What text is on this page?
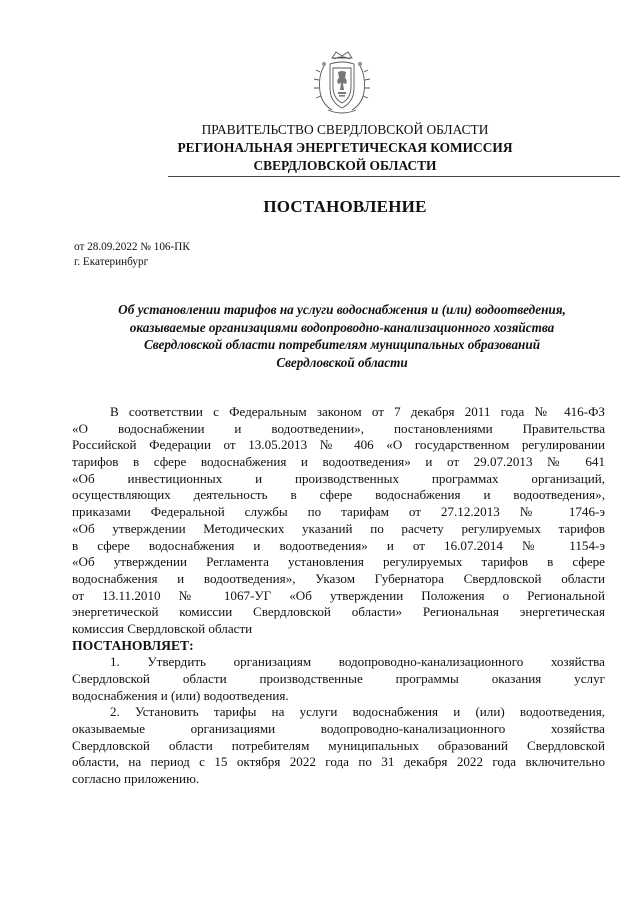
ПРАВИТЕЛЬСТВО СВЕРДЛОВСКОЙ ОБЛАСТИ
РЕГИОНАЛЬНАЯ ЭНЕРГЕТИЧЕСКАЯ КОМИССИЯ
СВЕРДЛОВСКОЙ ОБЛАСТИ
ПОСТАНОВЛЕНИЕ
от 28.09.2022 № 106-ПК
г. Екатеринбург
Об установлении тарифов на услуги водоснабжения и (или) водоотведения,
оказываемые организациями водопроводно-канализационного хозяйства
Свердловской области потребителям муниципальных образований
Свердловской области
В соответствии с Федеральным законом от 7 декабря 2011 года № 416-ФЗ
«О водоснабжении и водоотведении», постановлениями Правительства
Российской Федерации от 13.05.2013 № 406 «О государственном регулировании
тарифов в сфере водоснабжения и водоотведения» и от 29.07.2013 № 641
«Об инвестиционных и производственных программах организаций,
осуществляющих деятельность в сфере водоснабжения и водоотведения»,
приказами Федеральной службы по тарифам от 27.12.2013 № 1746-э
«Об утверждении Методических указаний по расчету регулируемых тарифов
в сфере водоснабжения и водоотведения» и от 16.07.2014 № 1154-э
«Об утверждении Регламента установления регулируемых тарифов в сфере
водоснабжения и водоотведения», Указом Губернатора Свердловской области
от 13.11.2010 № 1067-УГ «Об утверждении Положения о Региональной
энергетической комиссии Свердловской области» Региональная энергетическая
комиссия Свердловской области
ПОСТАНОВЛЯЕТ:
1. Утвердить организациям водопроводно-канализационного хозяйства
Свердловской области производственные программы оказания услуг
водоснабжения и (или) водоотведения.
2. Установить тарифы на услуги водоснабжения и (или) водоотведения,
оказываемые организациями водопроводно-канализационного хозяйства
Свердловской области потребителям муниципальных образований Свердловской
области, на период с 15 октября 2022 года по 31 декабря 2022 года включительно
согласно приложению.
